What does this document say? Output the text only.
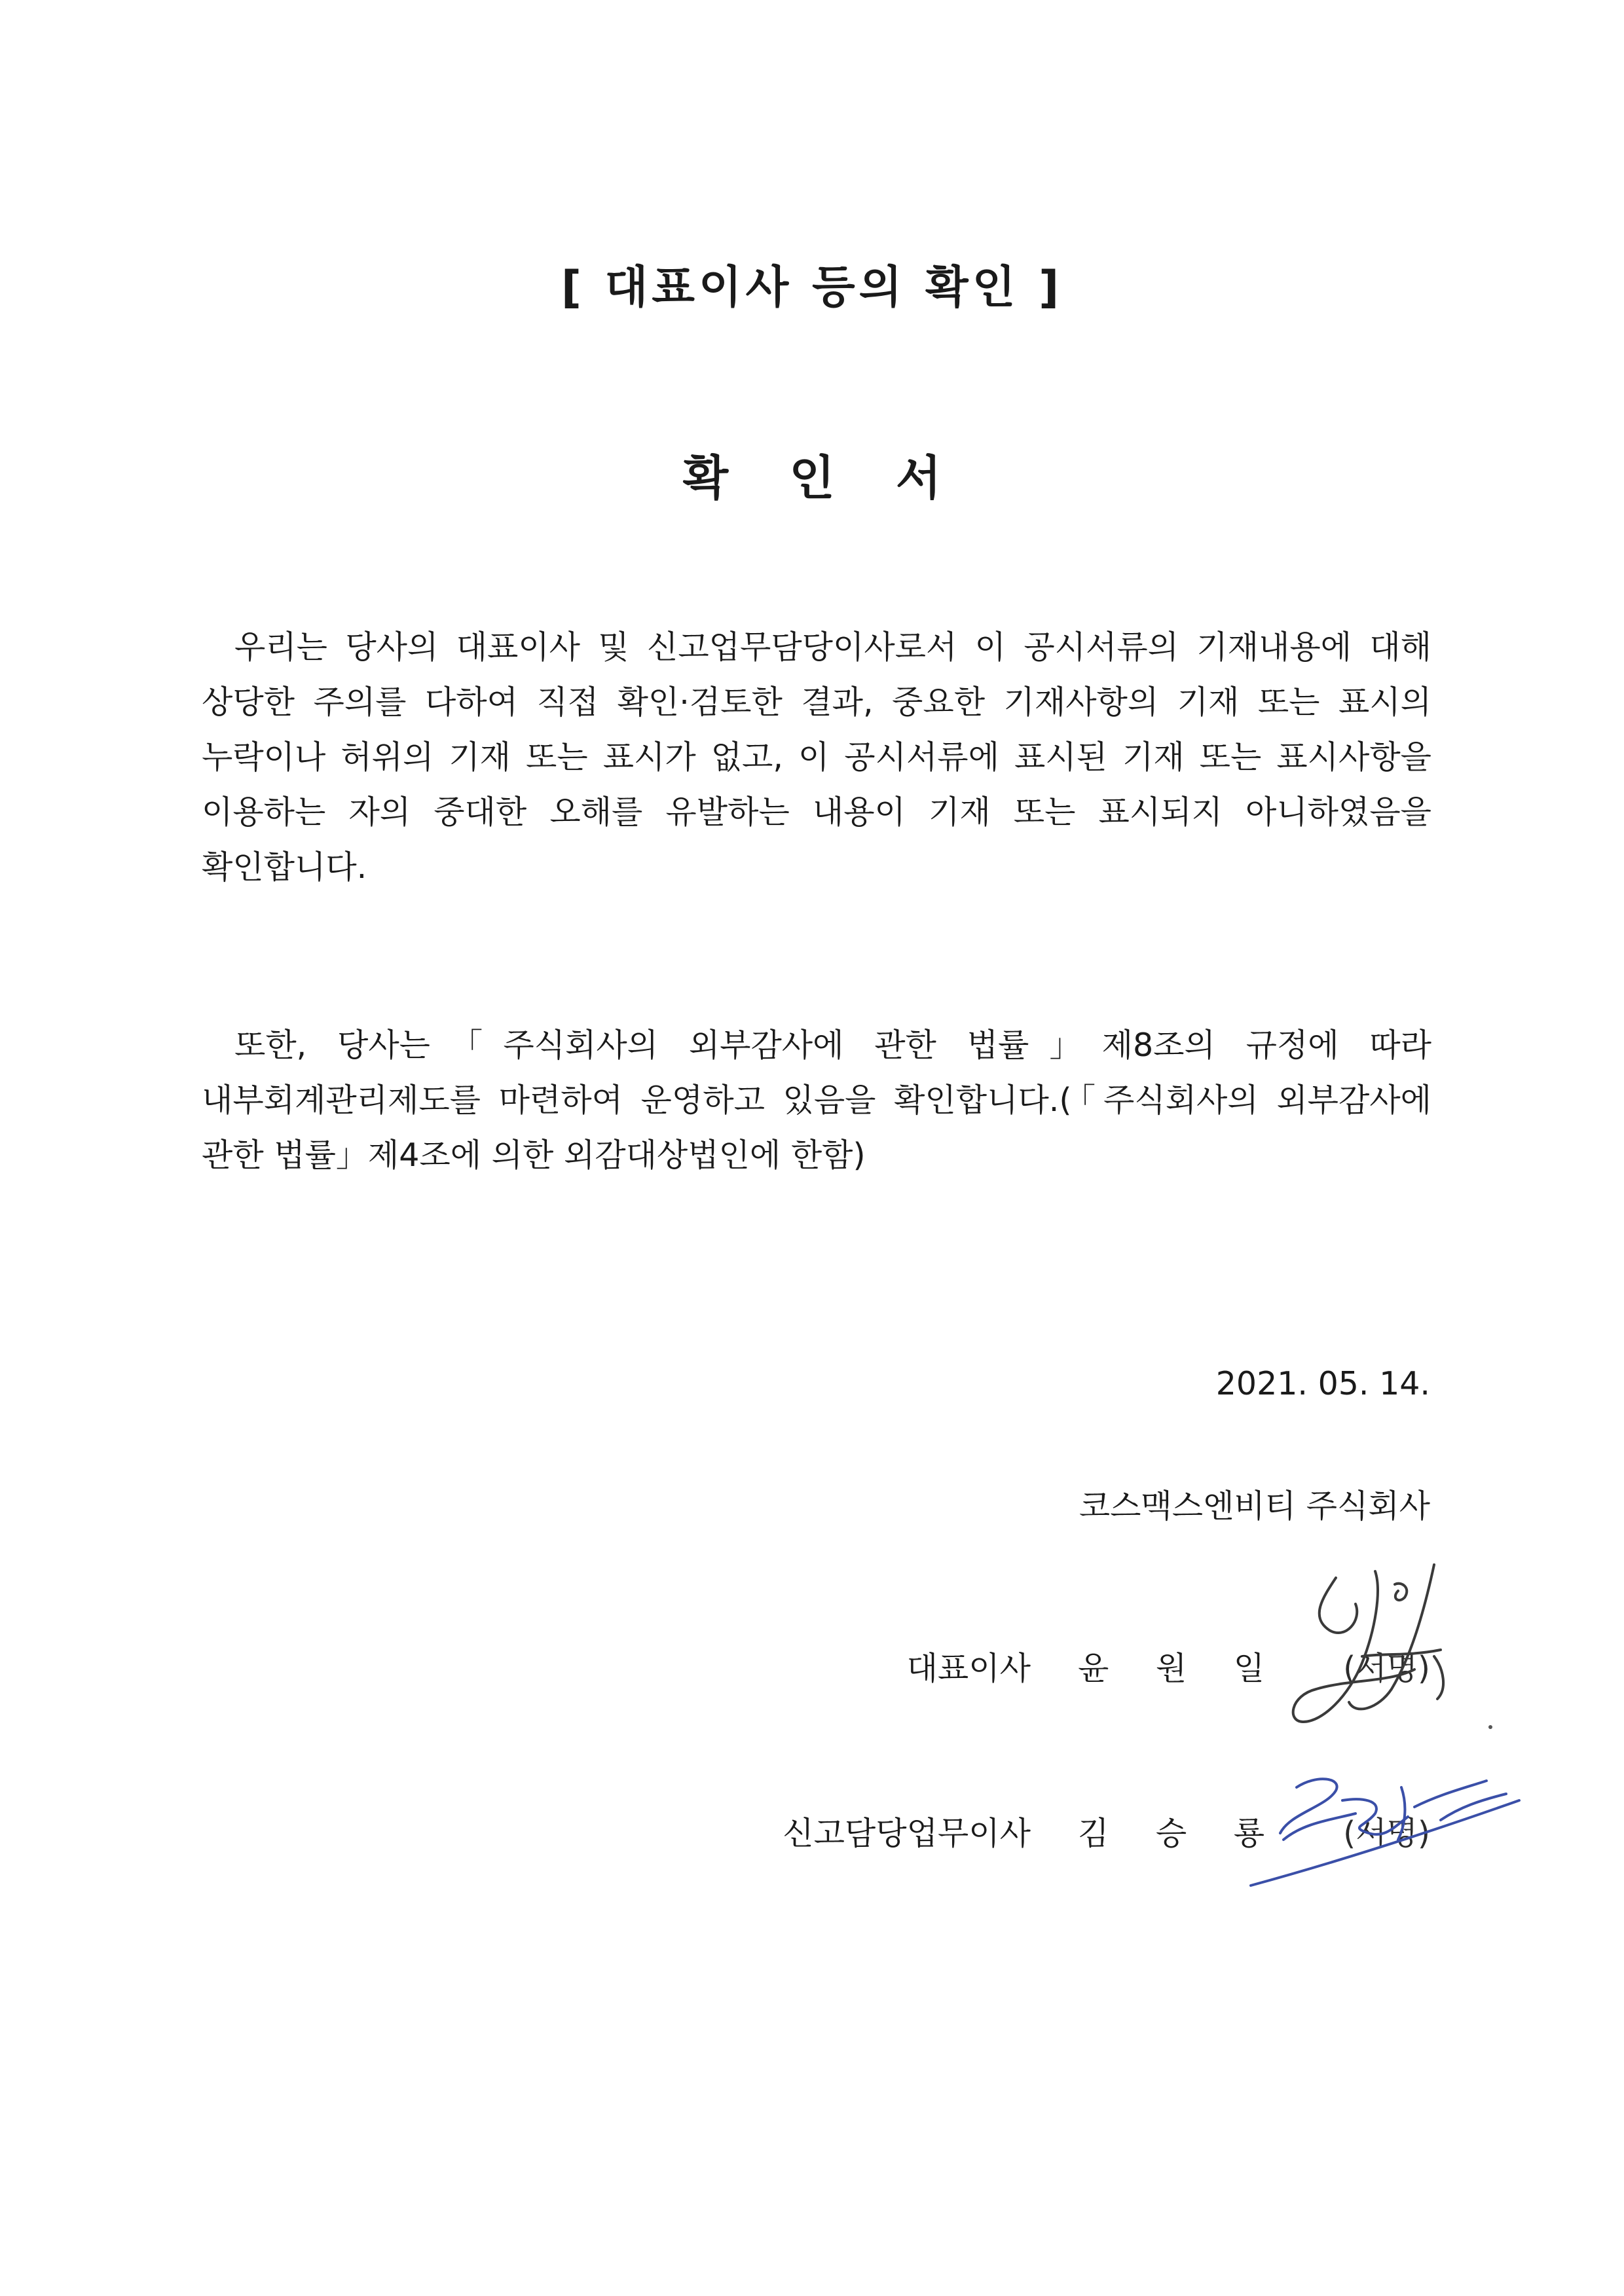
[ 대표이사 등의 확인 ]
확 인 서
우리는 당사의 대표이사 및 신고업무담당이사로서 이 공시서류의 기재내용에 대해 상당한 주의를 다하여 직접 확인·검토한 결과, 중요한 기재사항의 기재 또는 표시의 누락이나 허위의 기재 또는 표시가 없고, 이 공시서류에 표시된 기재 또는 표시사항을 이용하는 자의 중대한 오해를 유발하는 내용이 기재 또는 표시되지 아니하였음을 확인합니다.
또한, 당사는「주식회사의 외부감사에 관한 법률」제8조의 규정에 따라 내부회계관리제도를 마련하여 운영하고 있음을 확인합니다.(「주식회사의 외부감사에 관한 법률」제4조에 의한 외감대상법인에 한함)
2021. 05. 14.
코스맥스엔비티 주식회사
대표이사 윤 원 일 (서명)
신고담당업무이사 김 승 룡 (서명)
